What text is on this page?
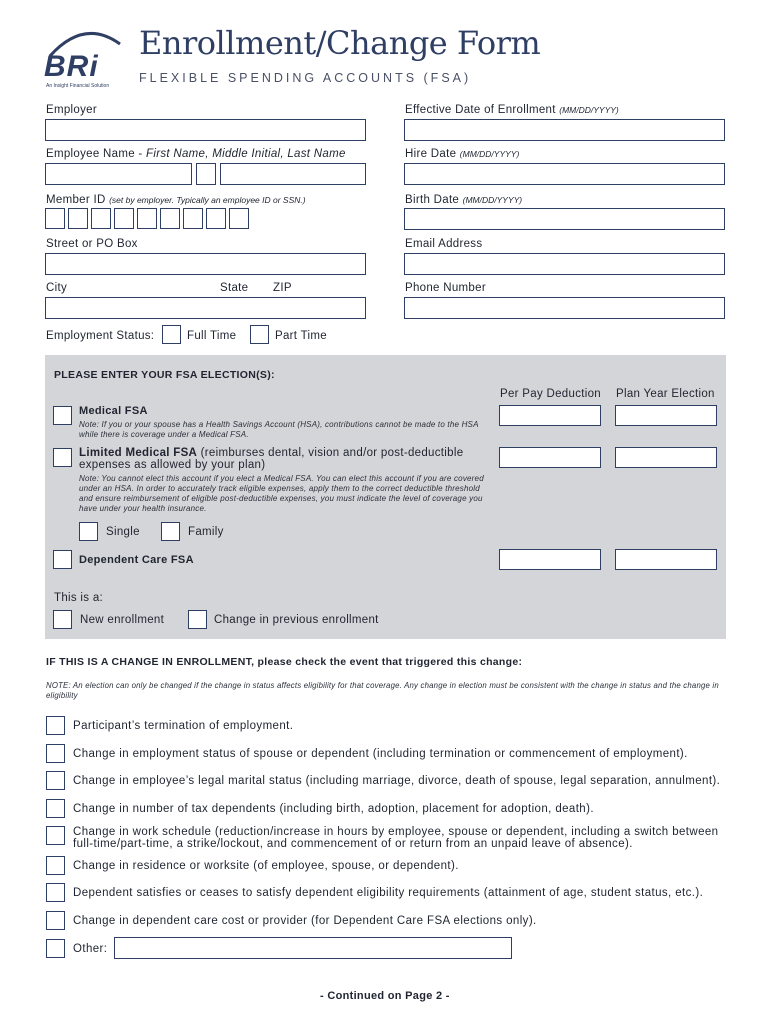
BRi
An Insight Financial Solution
Enrollment/Change Form
FLEXIBLE SPENDING ACCOUNTS (FSA)
Employer	Effective Date of Enrollment (MM/DD/YYYY)
Employee Name - First Name, Middle Initial, Last Name	Hire Date (MM/DD/YYYY)
Member ID (set by employer. Typically an employee ID or SSN.)	Birth Date (MM/DD/YYYY)
Street or PO Box	Email Address
City	State ZIP	Phone Number
Employment Status:	Full Time	Part Time
PLEASE ENTER YOUR FSA ELECTION(S):
Per Pay Deduction Plan Year Election
Medical FSA
Note: If you or your spouse has a Health Savings Account (HSA), contributions cannot be made to the HSA while there is coverage under a Medical FSA.
Limited Medical FSA (reimburses dental, vision and/or post-deductible expenses as allowed by your plan)
Note: You cannot elect this account if you elect a Medical FSA. You can elect this account if you are covered under an HSA. In order to accurately track eligible expenses, apply them to the correct deductible threshold and ensure reimbursement of eligible post-deductible expenses, you must indicate the level of coverage you have under your health insurance.
Single	Family
Dependent Care FSA
This is a:
New enrollment	Change in previous enrollment
IF THIS IS A CHANGE IN ENROLLMENT, please check the event that triggered this change:
NOTE: An election can only be changed if the change in status affects eligibility for that coverage. Any change in election must be consistent with the change in status and the change in eligibility
Participant’s termination of employment.
Change in employment status of spouse or dependent (including termination or commencement of employment).
Change in employee’s legal marital status (including marriage, divorce, death of spouse, legal separation, annulment).
Change in number of tax dependents (including birth, adoption, placement for adoption, death).
Change in work schedule (reduction/increase in hours by employee, spouse or dependent, including a switch between full-time/part-time, a strike/lockout, and commencement of or return from an unpaid leave of absence).
Change in residence or worksite (of employee, spouse, or dependent).
Dependent satisfies or ceases to satisfy dependent eligibility requirements (attainment of age, student status, etc.).
Change in dependent care cost or provider (for Dependent Care FSA elections only).
Other:
- Continued on Page 2 -
